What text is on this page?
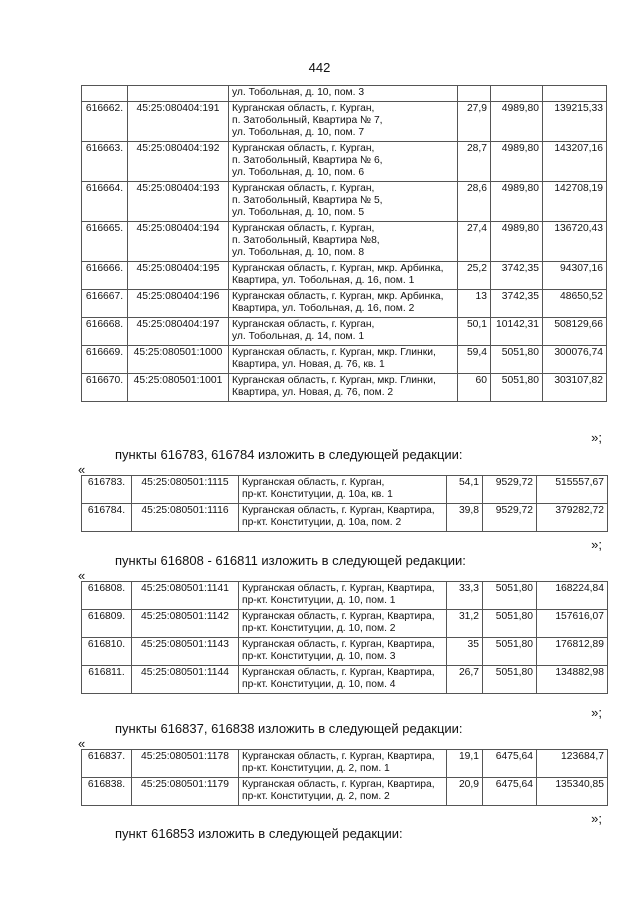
442
		ул. Тобольная, д. 10, пом. 3			
616662.	45:25:080404:191	Курганская область, г. Курган,
п. Затобольный, Квартира № 7,
ул. Тобольная, д. 10, пом. 7	27,9	4989,80	139215,33
616663.	45:25:080404:192	Курганская область, г. Курган,
п. Затобольный, Квартира № 6,
ул. Тобольная, д. 10, пом. 6	28,7	4989,80	143207,16
616664.	45:25:080404:193	Курганская область, г. Курган,
п. Затобольный, Квартира № 5,
ул. Тобольная, д. 10, пом. 5	28,6	4989,80	142708,19
616665.	45:25:080404:194	Курганская область, г. Курган,
п. Затобольный, Квартира №8,
ул. Тобольная, д. 10, пом. 8	27,4	4989,80	136720,43
616666.	45:25:080404:195	Курганская область, г. Курган, мкр. Арбинка,
Квартира, ул. Тобольная, д. 16, пом. 1	25,2	3742,35	94307,16
616667.	45:25:080404:196	Курганская область, г. Курган, мкр. Арбинка,
Квартира, ул. Тобольная, д. 16, пом. 2	13	3742,35	48650,52
616668.	45:25:080404:197	Курганская область, г. Курган,
ул. Тобольная, д. 14, пом. 1	50,1	10142,31	508129,66
616669.	45:25:080501:1000	Курганская область, г. Курган, мкр. Глинки,
Квартира, ул. Новая, д. 76, кв. 1	59,4	5051,80	300076,74
616670.	45:25:080501:1001	Курганская область, г. Курган, мкр. Глинки,
Квартира, ул. Новая, д. 76, пом. 2	60	5051,80	303107,82
»;
пункты 616783, 616784 изложить в следующей редакции:
«
616783.	45:25:080501:1115	Курганская область, г. Курган,
пр-кт. Конституции, д. 10а, кв. 1	54,1	9529,72	515557,67
616784.	45:25:080501:1116	Курганская область, г. Курган, Квартира,
пр-кт. Конституции, д. 10а, пом. 2	39,8	9529,72	379282,72
»;
пункты 616808 - 616811 изложить в следующей редакции:
«
616808.	45:25:080501:1141	Курганская область, г. Курган, Квартира,
пр-кт. Конституции, д. 10, пом. 1	33,3	5051,80	168224,84
616809.	45:25:080501:1142	Курганская область, г. Курган, Квартира,
пр-кт. Конституции, д. 10, пом. 2	31,2	5051,80	157616,07
616810.	45:25:080501:1143	Курганская область, г. Курган, Квартира,
пр-кт. Конституции, д. 10, пом. 3	35	5051,80	176812,89
616811.	45:25:080501:1144	Курганская область, г. Курган, Квартира,
пр-кт. Конституции, д. 10, пом. 4	26,7	5051,80	134882,98
»;
пункты 616837, 616838 изложить в следующей редакции:
«
616837.	45:25:080501:1178	Курганская область, г. Курган, Квартира,
пр-кт. Конституции, д. 2, пом. 1	19,1	6475,64	123684,7
616838.	45:25:080501:1179	Курганская область, г. Курган, Квартира,
пр-кт. Конституции, д. 2, пом. 2	20,9	6475,64	135340,85
»;
пункт 616853 изложить в следующей редакции:
